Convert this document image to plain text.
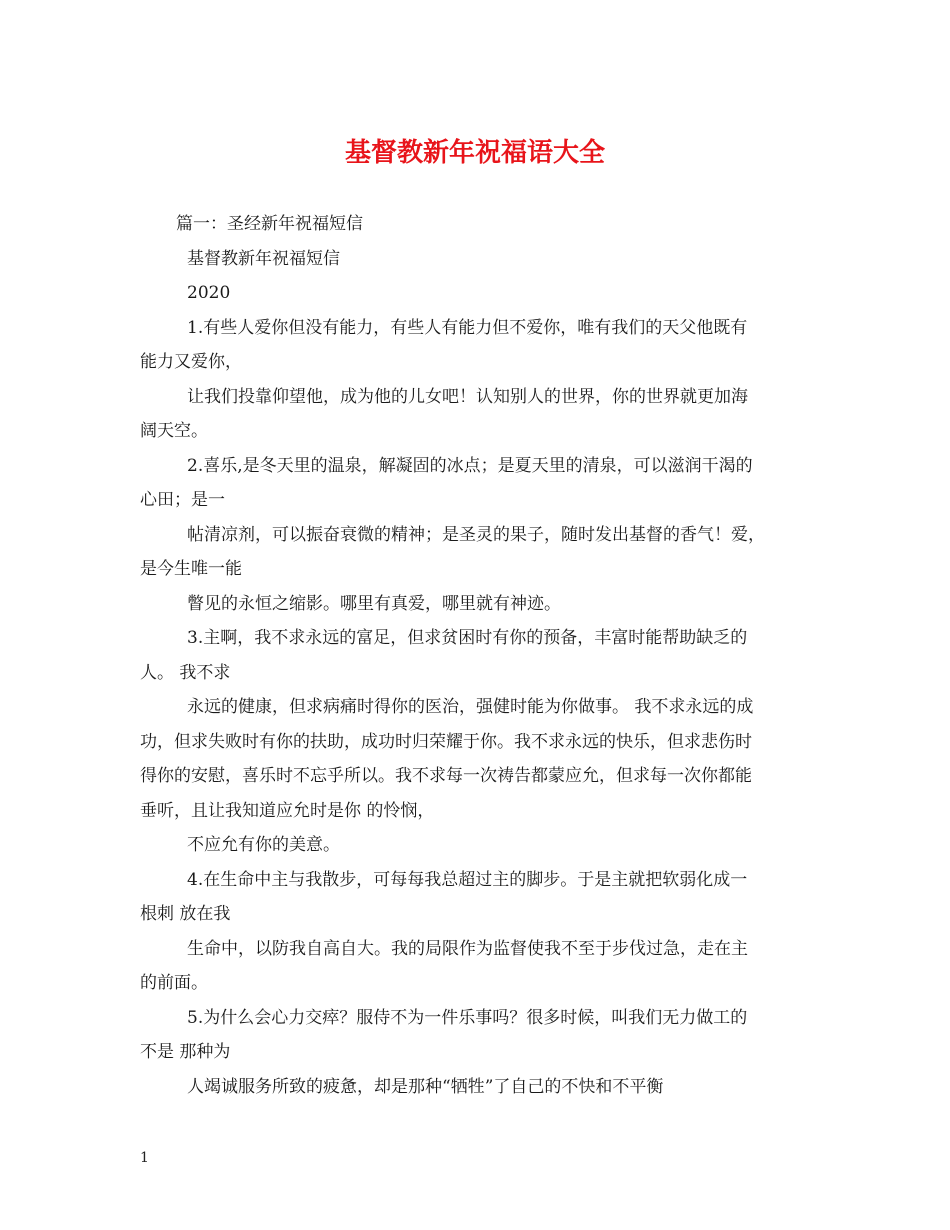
基督教新年祝福语大全

篇一：圣经新年祝福短信

基督教新年祝福短信

2020

1.有些人爱你但没有能力，有些人有能力但不爱你，唯有我们的天父他既有

能力又爱你，

让我们投靠仰望他，成为他的儿女吧！认知别人的世界，你的世界就更加海

阔天空。

2.喜乐,是冬天里的温泉，解凝固的冰点；是夏天里的清泉，可以滋润干渴的

心田；是一

帖清凉剂，可以振奋衰微的精神；是圣灵的果子，随时发出基督的香气！爱，

是今生唯一能

瞥见的永恒之缩影。哪里有真爱，哪里就有神迹。

3.主啊，我不求永远的富足，但求贫困时有你的预备，丰富时能帮助缺乏的

人。 我不求

永远的健康，但求病痛时得你的医治，强健时能为你做事。 我不求永远的成

功，但求失败时有你的扶助，成功时归荣耀于你。我不求永远的快乐，但求悲伤时

得你的安慰，喜乐时不忘乎所以。我不求每一次祷告都蒙应允，但求每一次你都能

垂听，且让我知道应允时是你 的怜悯，

不应允有你的美意。

4.在生命中主与我散步，可每每我总超过主的脚步。于是主就把软弱化成一

根刺 放在我

生命中，以防我自高自大。我的局限作为监督使我不至于步伐过急，走在主

的前面。

5.为什么会心力交瘁？服侍不为一件乐事吗？很多时候，叫我们无力做工的

不是 那种为

人竭诚服务所致的疲惫，却是那种“牺牲”了自己的不快和不平衡

1
